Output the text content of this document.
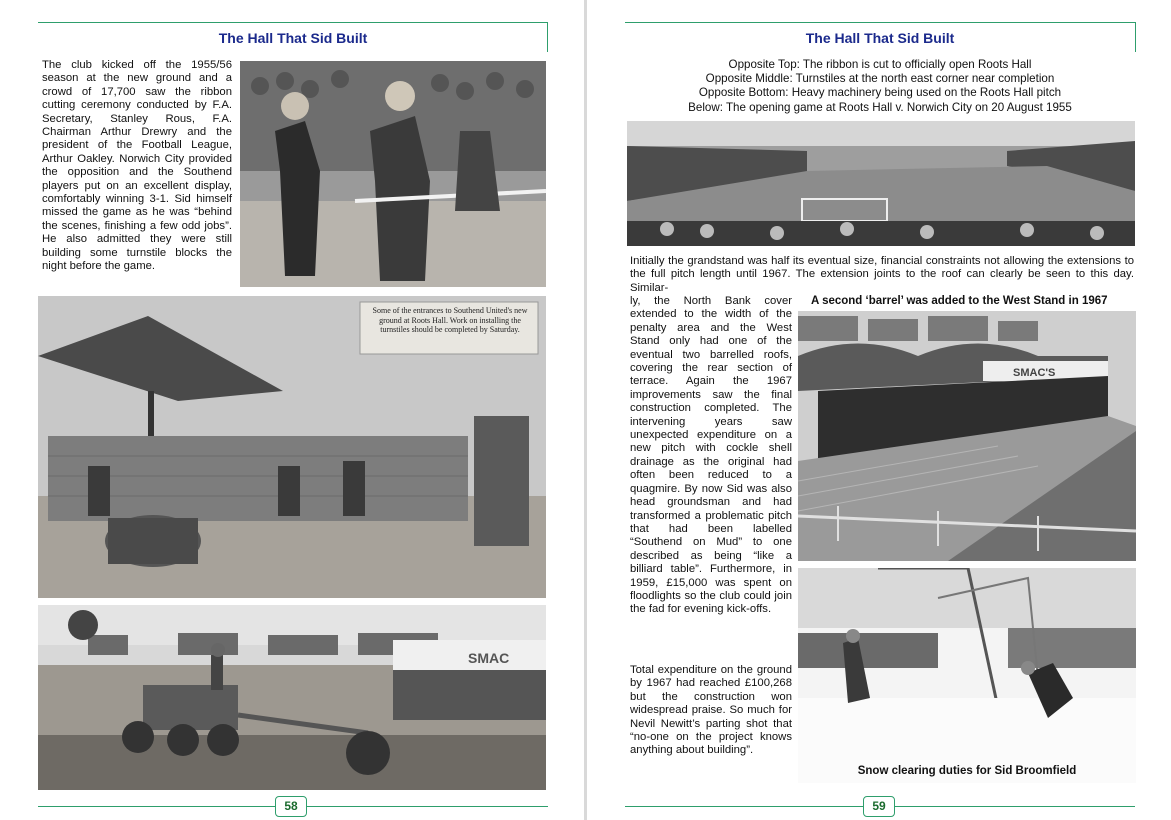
The Hall That Sid Built
The club kicked off the 1955/56 season at the new ground and a crowd of 17,700 saw the ribbon cutting ceremony conducted by F.A. Secretary, Stanley Rous, F.A. Chairman Arthur Drewry and the president of the Football League, Arthur Oakley. Norwich City provided the opposition and the Southend players put on an excellent display, comfortably winning 3-1. Sid himself missed the game as he was “behind the scenes, finishing a few odd jobs”. He also admitted they were still building some turnstile blocks the night before the game.
Some of the entrances to Southend United's new ground at Roots Hall. Work on installing the turnstiles should be completed by Saturday.
SMAC
58
The Hall That Sid Built
Opposite Top: The ribbon is cut to officially open Roots Hall
Opposite Middle: Turnstiles at the north east corner near completion
Opposite Bottom: Heavy machinery being used on the Roots Hall pitch
Below: The opening game at Roots Hall v. Norwich City on 20 August 1955
Initially the grandstand was half its eventual size, financial constraints not allowing the extensions to the full pitch length until 1967. The extension joints to the roof can clearly be seen to this day. Similar-
ly, the North Bank cover extended to the width of the penalty area and the West Stand only had one of the eventual two barrelled roofs, covering the rear section of terrace. Again the 1967 improvements saw the final construction completed. The intervening years saw unexpected expenditure on a new pitch with cockle shell drainage as the original had often been reduced to a quagmire. By now Sid was also head groundsman and had transformed a problematic pitch that had been labelled “Southend on Mud” to one described as being “like a billiard table”. Furthermore, in 1959, £15,000 was spent on floodlights so the club could join the fad for evening kick-offs.
Total expenditure on the ground by 1967 had reached £100,268 but the construction won widespread praise. So much for Nevil Newitt’s parting shot that “no-one on the project knows anything about building”.
A second ‘barrel’ was added to the West Stand in 1967
SMAC'S
Snow clearing duties for Sid Broomfield
59
